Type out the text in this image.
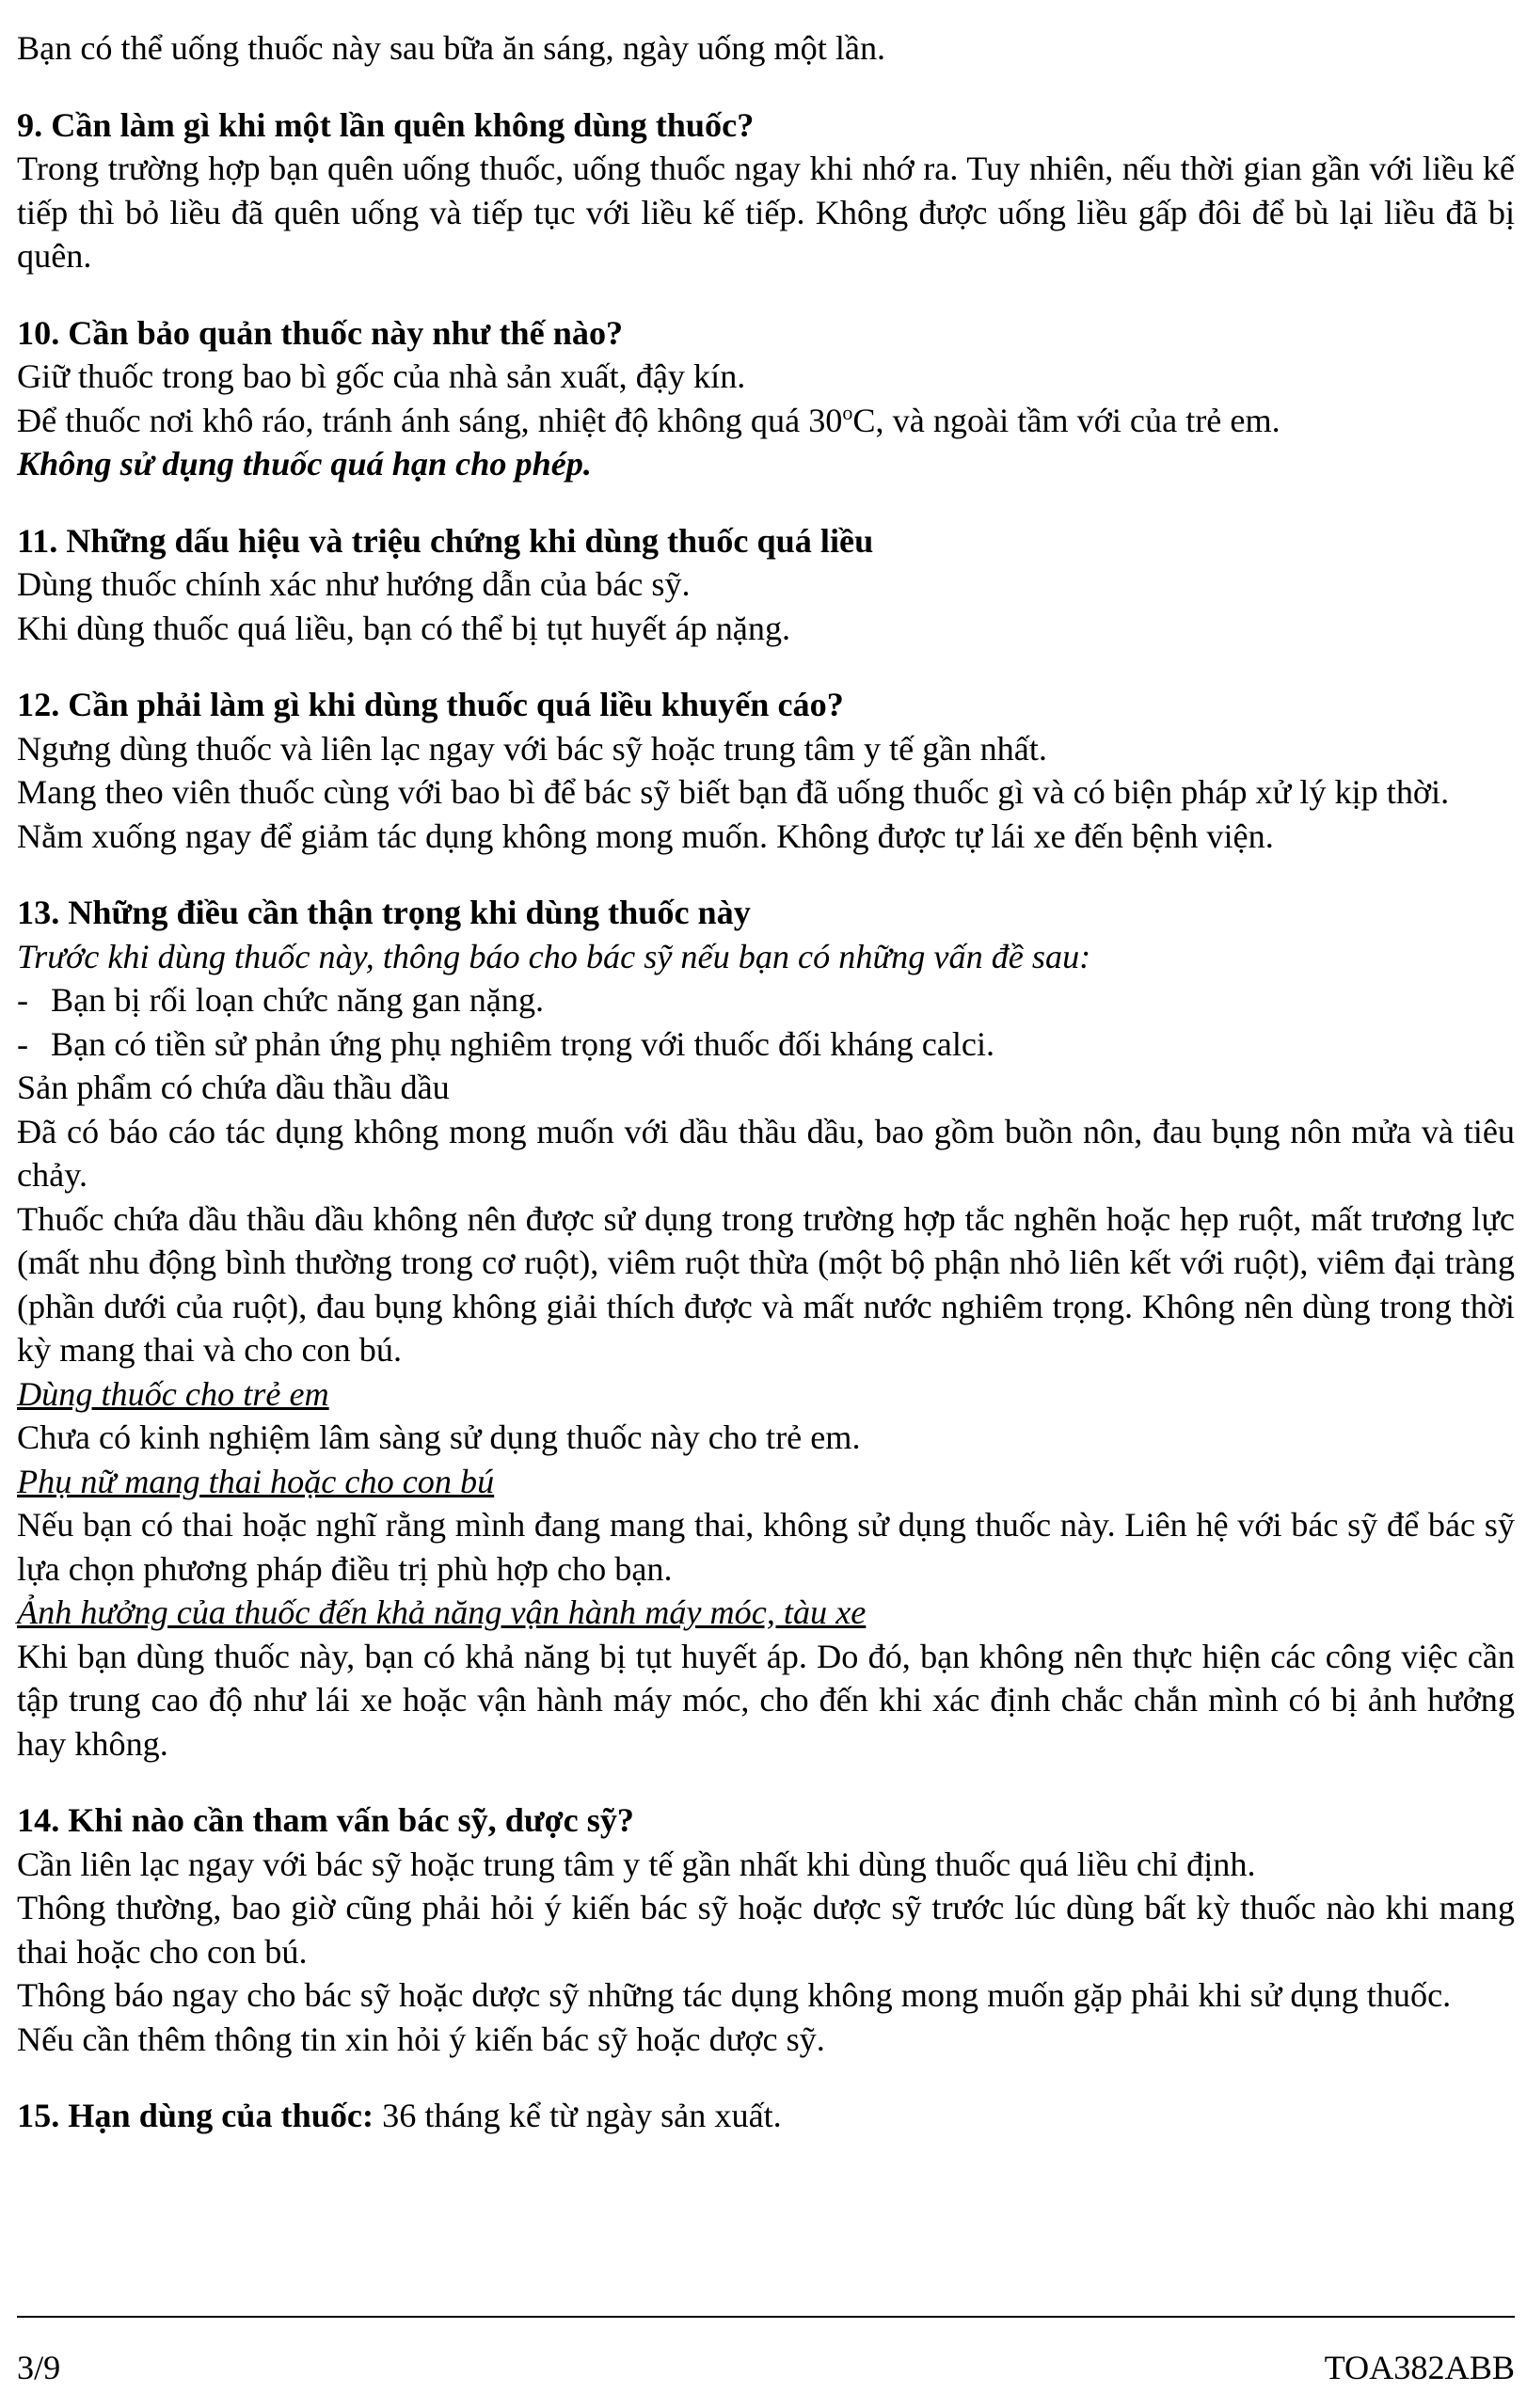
Bạn có thể uống thuốc này sau bữa ăn sáng, ngày uống một lần.

9. Cần làm gì khi một lần quên không dùng thuốc?

Trong trường hợp bạn quên uống thuốc, uống thuốc ngay khi nhớ ra. Tuy nhiên, nếu thời gian gần với liều kế tiếp thì bỏ liều đã quên uống và tiếp tục với liều kế tiếp. Không được uống liều gấp đôi để bù lại liều đã bị quên.

10. Cần bảo quản thuốc này như thế nào?

Giữ thuốc trong bao bì gốc của nhà sản xuất, đậy kín.

Để thuốc nơi khô ráo, tránh ánh sáng, nhiệt độ không quá 30$^o$C, và ngoài tầm với của trẻ em.

Không sử dụng thuốc quá hạn cho phép.

11. Những dấu hiệu và triệu chứng khi dùng thuốc quá liều

Dùng thuốc chính xác như hướng dẫn của bác sỹ.

Khi dùng thuốc quá liều, bạn có thể bị tụt huyết áp nặng.

12. Cần phải làm gì khi dùng thuốc quá liều khuyến cáo?

Ngưng dùng thuốc và liên lạc ngay với bác sỹ hoặc trung tâm y tế gần nhất.

Mang theo viên thuốc cùng với bao bì để bác sỹ biết bạn đã uống thuốc gì và có biện pháp xử lý kịp thời.

Nằm xuống ngay để giảm tác dụng không mong muốn. Không được tự lái xe đến bệnh viện.

13. Những điều cần thận trọng khi dùng thuốc này

Trước khi dùng thuốc này, thông báo cho bác sỹ nếu bạn có những vấn đề sau:

- Bạn bị rối loạn chức năng gan nặng.

- Bạn có tiền sử phản ứng phụ nghiêm trọng với thuốc đối kháng calci.

Sản phẩm có chứa dầu thầu dầu

Đã có báo cáo tác dụng không mong muốn với dầu thầu dầu, bao gồm buồn nôn, đau bụng nôn mửa và tiêu chảy.

Thuốc chứa dầu thầu dầu không nên được sử dụng trong trường hợp tắc nghẽn hoặc hẹp ruột, mất trương lực (mất nhu động bình thường trong cơ ruột), viêm ruột thừa (một bộ phận nhỏ liên kết với ruột), viêm đại tràng (phần dưới của ruột), đau bụng không giải thích được và mất nước nghiêm trọng. Không nên dùng trong thời kỳ mang thai và cho con bú.

Dùng thuốc cho trẻ em

Chưa có kinh nghiệm lâm sàng sử dụng thuốc này cho trẻ em.

Phụ nữ mang thai hoặc cho con bú

Nếu bạn có thai hoặc nghĩ rằng mình đang mang thai, không sử dụng thuốc này. Liên hệ với bác sỹ để bác sỹ lựa chọn phương pháp điều trị phù hợp cho bạn.

Ảnh hưởng của thuốc đến khả năng vận hành máy móc, tàu xe

Khi bạn dùng thuốc này, bạn có khả năng bị tụt huyết áp. Do đó, bạn không nên thực hiện các công việc cần tập trung cao độ như lái xe hoặc vận hành máy móc, cho đến khi xác định chắc chắn mình có bị ảnh hưởng hay không.

14. Khi nào cần tham vấn bác sỹ, dược sỹ?

Cần liên lạc ngay với bác sỹ hoặc trung tâm y tế gần nhất khi dùng thuốc quá liều chỉ định.

Thông thường, bao giờ cũng phải hỏi ý kiến bác sỹ hoặc dược sỹ trước lúc dùng bất kỳ thuốc nào khi mang thai hoặc cho con bú.

Thông báo ngay cho bác sỹ hoặc dược sỹ những tác dụng không mong muốn gặp phải khi sử dụng thuốc.

Nếu cần thêm thông tin xin hỏi ý kiến bác sỹ hoặc dược sỹ.

15. Hạn dùng của thuốc: 36 tháng kể từ ngày sản xuất.

3/9	TOA382ABB
